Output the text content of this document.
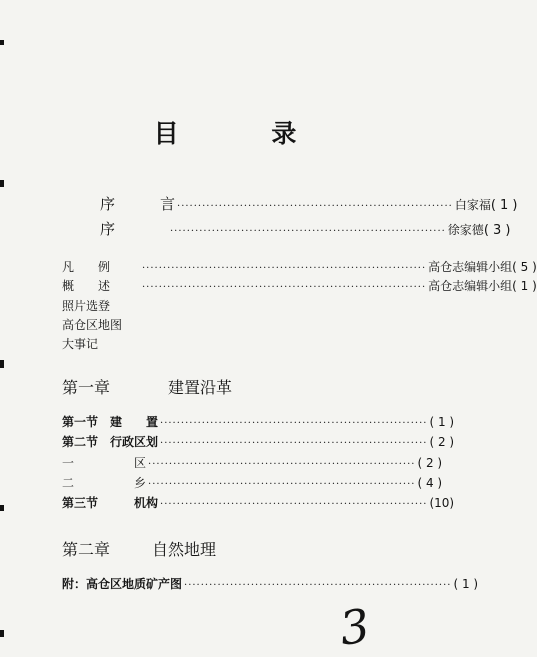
目 录
序　　　言 ·································································· 白家福 ( 1 )
序	·································································· 徐家德 ( 3 )
凡　　例	···································································· 高仓志编辑小组 ( 5 )
概　　述	···································································· 高仓志编辑小组 ( 1 )
照片选登
高仓区地图
大事记
第一章	建置沿革
第一节　建　　置 ································································ ( 1 )
第二节　行政区划 ································································ ( 2 )
一　　　　　区 ································································ ( 2 )
二　　　　　乡 ································································ ( 4 )
第三节　　　机构 ································································ (10)
第二章	自然地理
附：高仓区地质矿产图 ································································ ( 1 )
3
